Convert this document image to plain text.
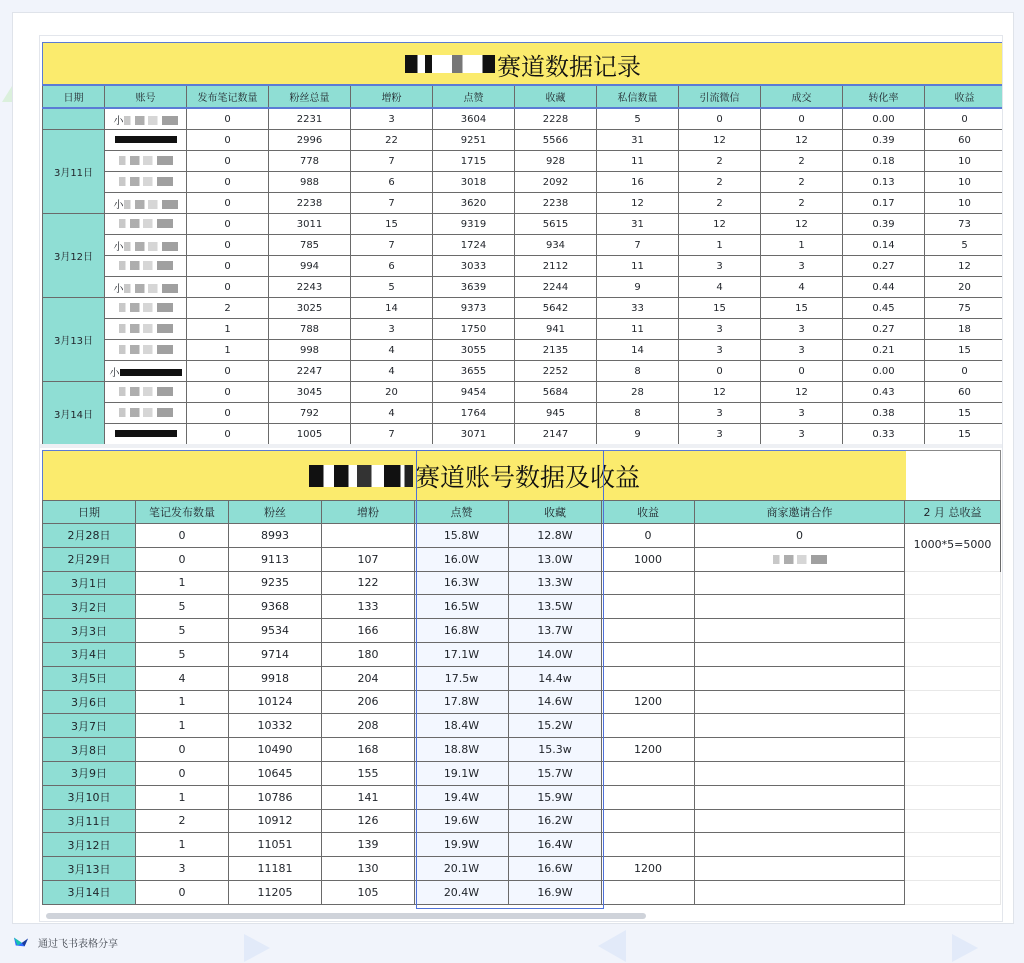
赛道数据记录
日期	账号	发布笔记数量	粉丝总量	增粉	点赞	收藏	私信数量	引流微信	成交	转化率	收益
	小	0	2231	3	3604	2228	5	0	0	0.00	0
3月11日		0	2996	22	9251	5566	31	12	12	0.39	60
		0	778	7	1715	928	11	2	2	0.18	10
		0	988	6	3018	2092	16	2	2	0.13	10
	小	0	2238	7	3620	2238	12	2	2	0.17	10
3月12日		0	3011	15	9319	5615	31	12	12	0.39	73
	小	0	785	7	1724	934	7	1	1	0.14	5
		0	994	6	3033	2112	11	3	3	0.27	12
	小	0	2243	5	3639	2244	9	4	4	0.44	20
3月13日		2	3025	14	9373	5642	33	15	15	0.45	75
		1	788	3	1750	941	11	3	3	0.27	18
		1	998	4	3055	2135	14	3	3	0.21	15
	小	0	2247	4	3655	2252	8	0	0	0.00	0
3月14日		0	3045	20	9454	5684	28	12	12	0.43	60
		0	792	4	1764	945	8	3	3	0.38	15
		0	1005	7	3071	2147	9	3	3	0.33	15
赛道账号数据及收益
日期	笔记发布数量	粉丝	增粉	点赞	收藏	收益	商家邀请合作	2 月 总收益
2月28日	0	8993		15.8W	12.8W	0	0	1000*5=5000
2月29日	0	9113	107	16.0W	13.0W	1000		
3月1日	1	9235	122	16.3W	13.3W			
3月2日	5	9368	133	16.5W	13.5W			
3月3日	5	9534	166	16.8W	13.7W			
3月4日	5	9714	180	17.1W	14.0W			
3月5日	4	9918	204	17.5w	14.4w			
3月6日	1	10124	206	17.8W	14.6W	1200		
3月7日	1	10332	208	18.4W	15.2W			
3月8日	0	10490	168	18.8W	15.3w	1200		
3月9日	0	10645	155	19.1W	15.7W			
3月10日	1	10786	141	19.4W	15.9W			
3月11日	2	10912	126	19.6W	16.2W			
3月12日	1	11051	139	19.9W	16.4W			
3月13日	3	11181	130	20.1W	16.6W	1200		
3月14日	0	11205	105	20.4W	16.9W			
通过飞书表格分享
